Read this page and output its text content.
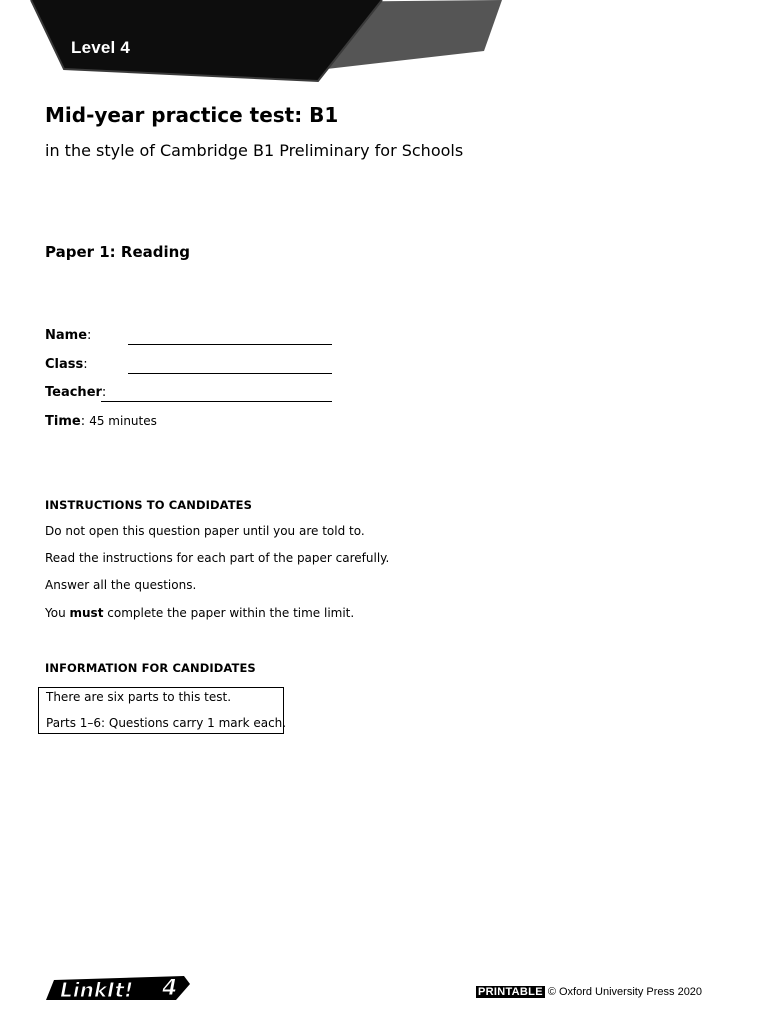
Level 4
Mid-year practice test: B1

in the style of Cambridge B1 Preliminary for Schools

Paper 1: Reading
Name:
Class:
Teacher:
Time: 45 minutes
INSTRUCTIONS TO CANDIDATES

Do not open this question paper until you are told to.

Read the instructions for each part of the paper carefully.

Answer all the questions.

You must complete the paper within the time limit.

INFORMATION FOR CANDIDATES
There are six parts to this test.
Parts 1–6: Questions carry 1 mark each.
LinkIt! 4	PRINTABLE © Oxford University Press 2020
